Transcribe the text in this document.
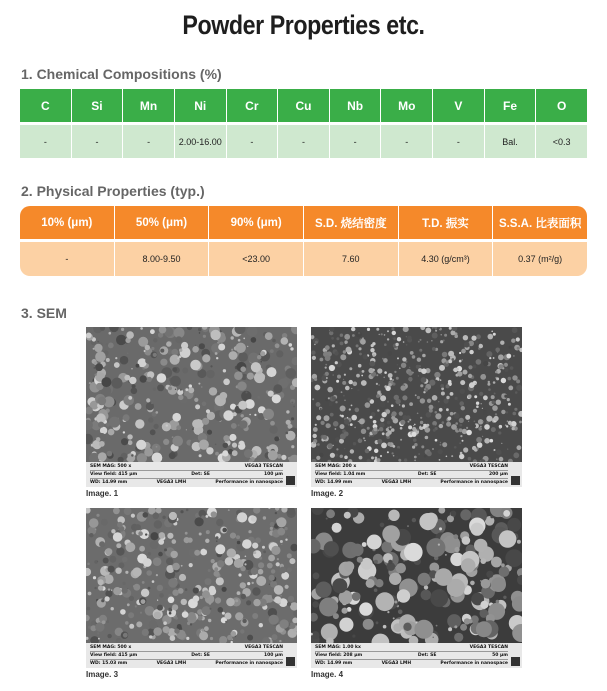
Powder Properties etc.
1. Chemical Compositions (%)
C	Si	Mn	Ni	Cr	Cu	Nb	Mo	V	Fe	O
-	-	-	2.00-16.00	-	-	-	-	-	Bal.	<0.3
2. Physical Properties (typ.)
10% (μm)	50% (μm)	90% (μm)	S.D. 烧结密度	T.D. 振实	S.S.A. 比表面积
-	8.00-9.50	<23.00	7.60	4.30 (g/cm³)	0.37 (m²/g)
3. SEM
SEM MAG: 500 x	VEGA3 TESCAN
View field: 415 μm	Det: SE	100 μm
WD: 14.99 mm	VEGA3 LMH	Performance in nanospace
Image. 1
SEM MAG: 200 x	VEGA3 TESCAN
View field: 1.04 mm	Det: SE	200 μm
WD: 14.99 mm	VEGA3 LMH	Performance in nanospace
Image. 2
SEM MAG: 500 x	VEGA3 TESCAN
View field: 415 μm	Det: SE	100 μm
WD: 15.03 mm	VEGA3 LMH	Performance in nanospace
Image. 3
SEM MAG: 1.00 kx	VEGA3 TESCAN
View field: 208 μm	Det: SE	50 μm
WD: 14.99 mm	VEGA3 LMH	Performance in nanospace
Image. 4
